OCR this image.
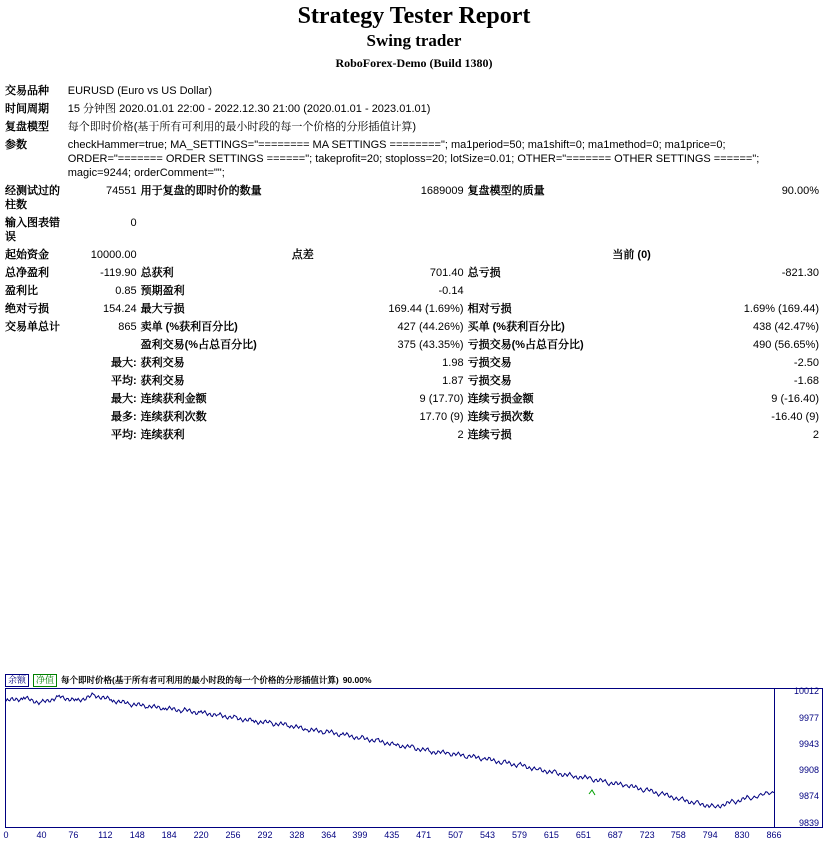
Strategy Tester Report
Swing trader
RoboForex-Demo (Build 1380)
交易品种	EURUSD (Euro vs US Dollar)				
时间周期	15 分钟图 2020.01.01 22:00 - 2022.12.30 21:00 (2020.01.01 - 2023.01.01)				
复盘模型	每个即时价格(基于所有可利用的最小时段的每一个价格的分形插值计算)				
参数	checkHammer=true; MA_SETTINGS="======== MA SETTINGS ========"; ma1period=50; ma1shift=0; ma1method=0; ma1price=0; ORDER="======= ORDER SETTINGS ======"; takeprofit=20; stoploss=20; lotSize=0.01; OTHER="======= OTHER SETTINGS ======"; magic=9244; orderComment="";				
经测试过的柱数	74551	用于复盘的即时价的数量	1689009	复盘模型的质量	90.00%
输入图表错误	0				
起始资金	10000.00	点差		当前 (0)	
总净盈利	-119.90	总获利	701.40	总亏损	-821.30
盈利比	0.85	预期盈利	-0.14		
绝对亏损	154.24	最大亏损	169.44 (1.69%)	相对亏损	1.69% (169.44)
交易单总计	865	卖单 (%获利百分比)	427 (44.26%)	买单 (%获利百分比)	438 (42.47%)
		盈利交易(%占总百分比)	375 (43.35%)	亏损交易(%占总百分比)	490 (56.65%)
	最大:	获利交易	1.98	亏损交易	-2.50
	平均:	获利交易	1.87	亏损交易	-1.68
	最大:	连续获利金额	9 (17.70)	连续亏损金额	9 (-16.40)
	最多:	连续获利次数	17.70 (9)	连续亏损次数	-16.40 (9)
	平均:	连续获利	2	连续亏损	2
余额	净值 每个即时价格(基于所有者可利用的最小时段的每一个价格的分形插值计算) 90.00%
10012
9977
9943
9908
9874
9839
0	40 76 112 148 184 220 256 292 328 364 399 435 471 507 543 579 615 651 687 723 758 794 830 866
